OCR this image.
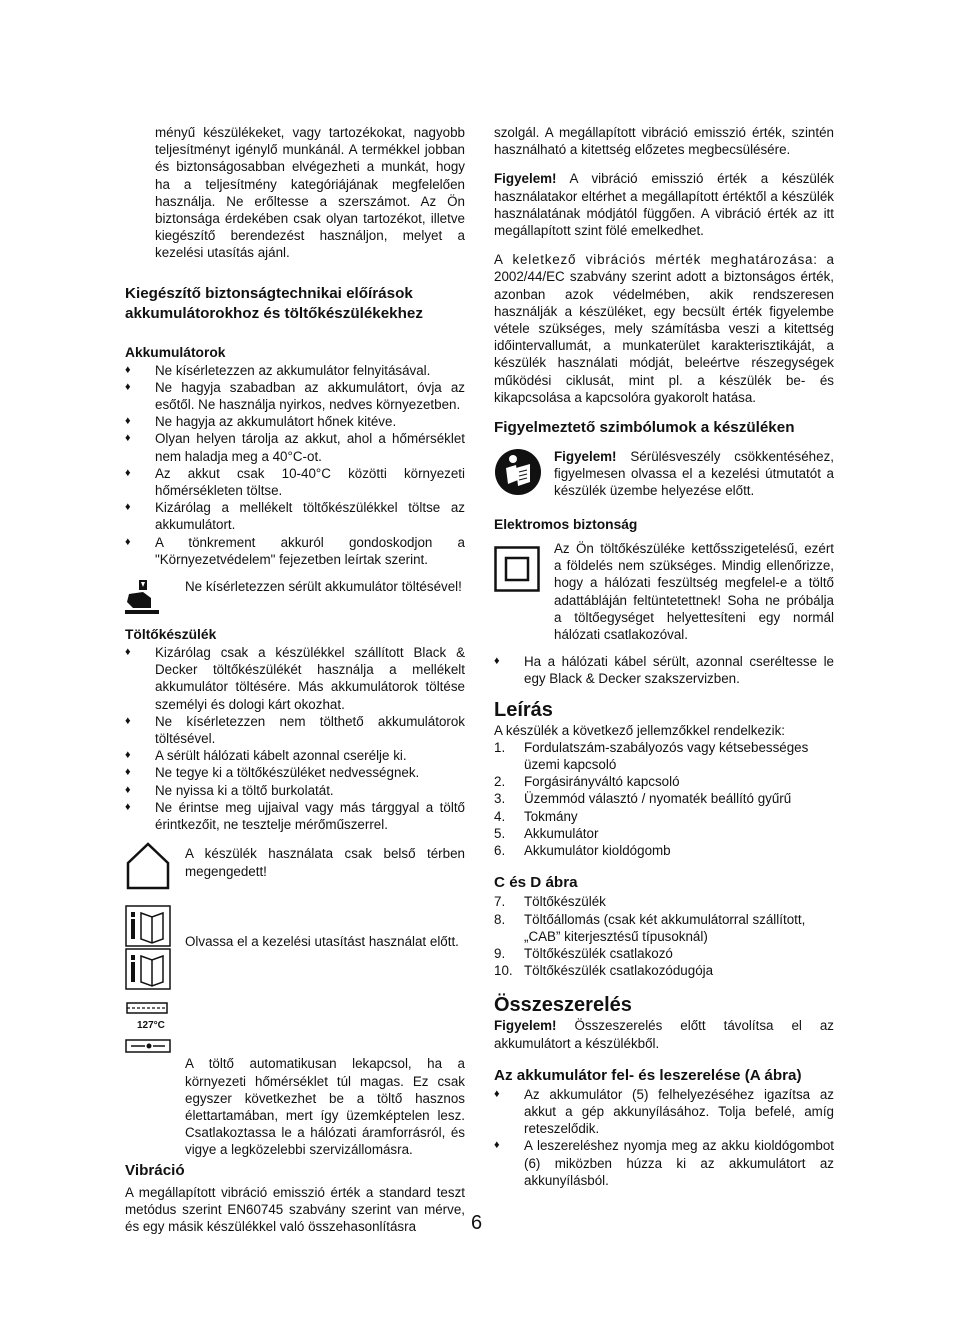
ményű készülékeket, vagy tartozékokat, nagyobb teljesítményt igénylő munkánál. A termékkel jobban és biztonságosabban elvégezheti a munkát, hogy ha a teljesítmény kategóriájának megfelelően használja. Ne erőltesse a szerszámot. Az Ön biztonsága érdekében csak olyan tartozékot, illetve kiegészítő berendezést használjon, melyet a kezelési utasítás ajánl.

Kiegészítő biztonságtechnikai előírások akkumulátorokhoz és töltőkészülékekhez

Akkumulátorok

♦ Ne kísérletezzen az akkumulátor felnyitásával.

♦ Ne hagyja szabadban az akkumulátort, óvja az esőtől. Ne használja nyirkos, nedves környezetben.

♦ Ne hagyja az akkumulátort hőnek kitéve.

♦ Olyan helyen tárolja az akkut, ahol a hőmérséklet nem haladja meg a 40°C-ot.

♦ Az akkut csak 10-40°C közötti környezeti hőmérsékleten töltse.

♦ Kizárólag a mellékelt töltőkészülékkel töltse az akkumulátort.

♦ A tönkrement akkuról gondoskodjon a "Környezetvédelem" fejezetben leírtak szerint.

Ne kísérletezzen sérült akkumulátor töltésével!

Töltőkészülék

♦ Kizárólag csak a készülékkel szállított Black & Decker töltőkészülékét használja a mellékelt akkumulátor töltésére. Más akkumulátorok töltése személyi és dologi kárt okozhat.

♦ Ne kísérletezzen nem tölthető akkumulátorok töltésével.

♦ A sérült hálózati kábelt azonnal cserélje ki.

♦ Ne tegye ki a töltőkészüléket nedvességnek.

♦ Ne nyissa ki a töltő burkolatát.

♦ Ne érintse meg ujjaival vagy más tárggyal a töltő érintkezőit, ne tesztelje mérőműszerrel.

A készülék használata csak belső térben megengedett!

Olvassa el a kezelési utasítást használat előtt.

127°C

A töltő automatikusan lekapcsol, ha a környezeti hőmérséklet túl magas. Ez csak egyszer következhet be a töltő hasznos élettartamában, mert így üzemképtelen lesz. Csatlakoztassa le a hálózati áramforrásról, és vigye a legközelebbi szervizállomásra.

Vibráció

A megállapított vibráció emisszió érték a standard teszt metódus szerint EN60745 szabvány szerint van mérve, és egy másik készülékkel való összehasonlításra

szolgál. A megállapított vibráció emisszió érték, szintén használható a kitettség előzetes megbecsülésére.

Figyelem! A vibráció emisszió érték a készülék használatakor eltérhet a megállapított értéktől a készülék használatának módjától függően. A vibráció érték az itt megállapított szint fölé emelkedhet.

A keletkező vibrációs mérték meghatározása: a 2002/44/EC szabvány szerint adott a biztonságos érték, azonban azok védelmében, akik rendszeresen használják a készüléket, egy becsült érték figyelembe vétele szükséges, mely számításba veszi a kitettség időintervallumát, a munkaterület karakterisztikáját, a készülék használati módját, beleértve részegységek működési ciklusát, mint pl. a készülék be- és kikapcsolása a kapcsolóra gyakorolt hatása.

Figyelmeztető szimbólumok a készüléken

Figyelem! Sérülésveszély csökkentéséhez, figyelmesen olvassa el a kezelési útmutatót a készülék üzembe helyezése előtt.

Elektromos biztonság

Az Ön töltőkészüléke kettősszigetelésű, ezért a földelés nem szükséges. Mindig ellenőrizze, hogy a hálózati feszültség megfelel-e a töltő adattábláján feltüntetettnek! Soha ne próbálja a töltőegységet helyettesíteni egy normál hálózati csatlakozóval.

♦ Ha a hálózati kábel sérült, azonnal cseréltesse le egy Black & Decker szakszervizben.

Leírás

A készülék a következő jellemzőkkel rendelkezik:

1. Fordulatszám-szabályozós vagy kétsebességes üzemi kapcsoló

2. Forgásirányváltó kapcsoló

3. Üzemmód választó / nyomaték beállító gyűrű

4. Tokmány

5. Akkumulátor

6. Akkumulátor kioldógomb

C és D ábra

7. Töltőkészülék

8. Töltőállomás (csak két akkumulátorral szállított, „CAB” kiterjesztésű típusoknál)

9. Töltőkészülék csatlakozó

10. Töltőkészülék csatlakozódugója

Összeszerelés

Figyelem! Összeszerelés előtt távolítsa el az akkumulátort a készülékből.

Az akkumulátor fel- és leszerelése (A ábra)

♦ Az akkumulátor (5) felhelyezéséhez igazítsa az akkut a gép akkunyílásához. Tolja befelé, amíg reteszelődik.

♦ A leszereléshez nyomja meg az akku kioldógombot (6) miközben húzza ki az akkumulátort az akkunyílásból.

6
